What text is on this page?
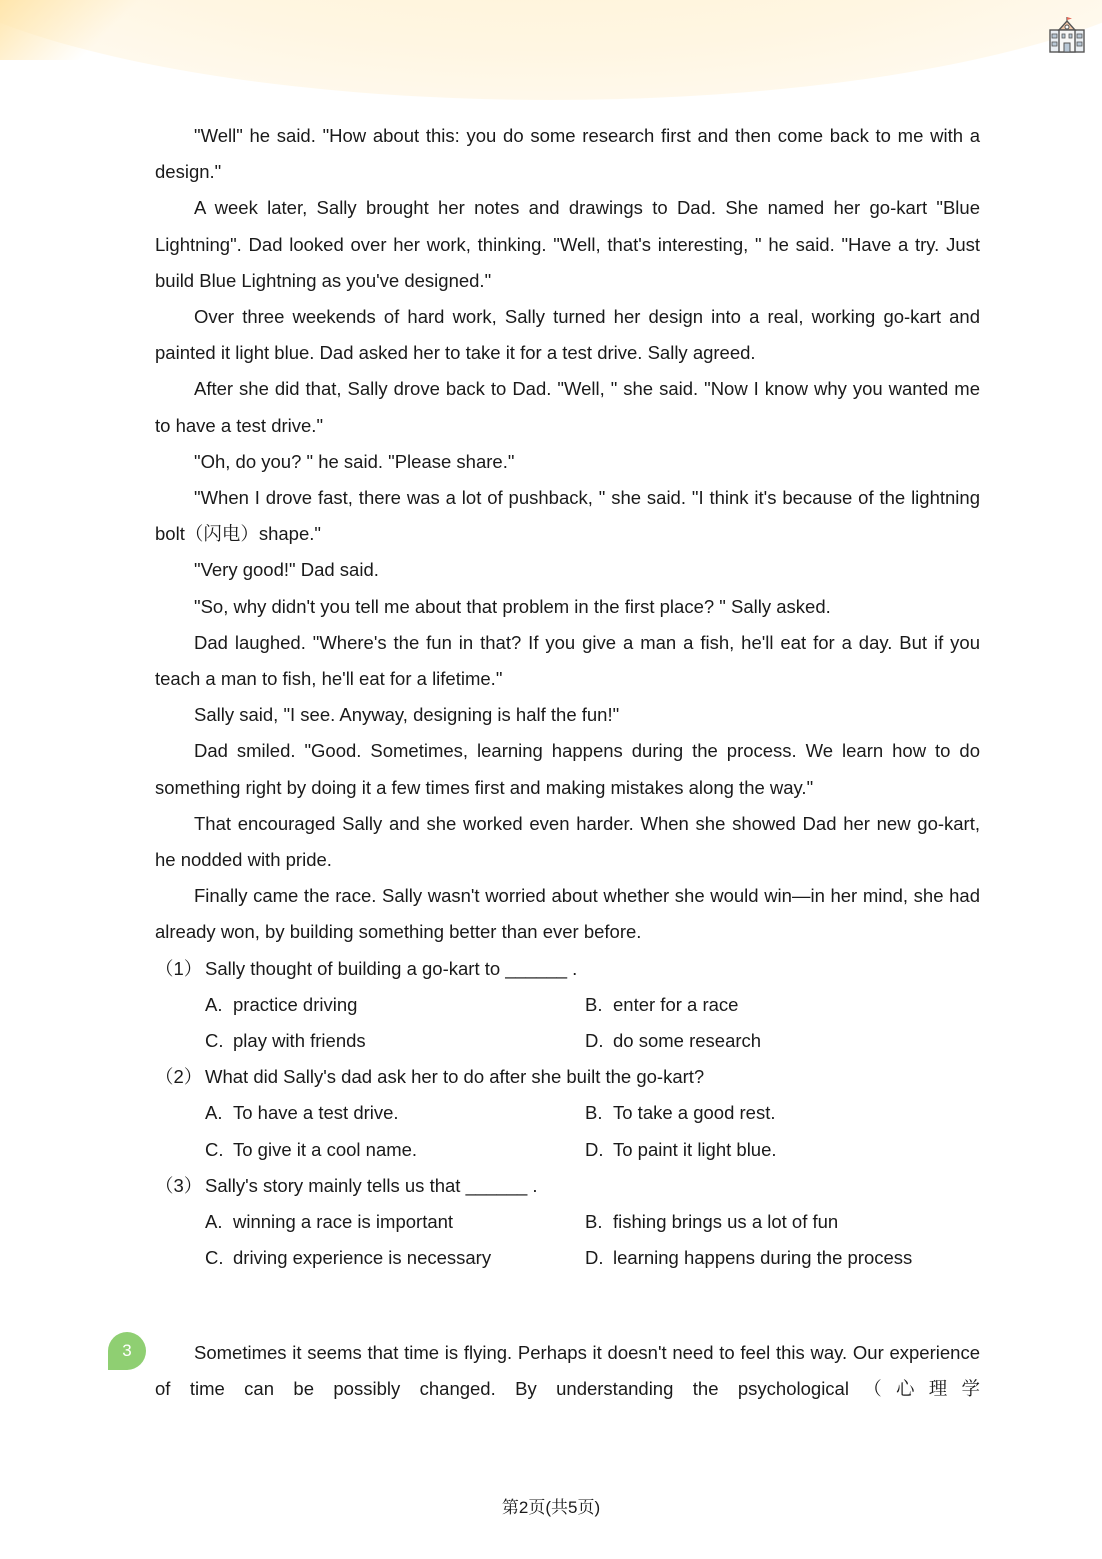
"Well" he said. "How about this: you do some research first and then come back to me with a design."

A week later, Sally brought her notes and drawings to Dad. She named her go-kart "Blue Lightning". Dad looked over her work, thinking. "Well, that's interesting, " he said. "Have a try. Just build Blue Lightning as you've designed."

Over three weekends of hard work, Sally turned her design into a real, working go-kart and painted it light blue. Dad asked her to take it for a test drive. Sally agreed.

After she did that, Sally drove back to Dad. "Well, " she said. "Now I know why you wanted me to have a test drive."

"Oh, do you? " he said. "Please share."

"When I drove fast, there was a lot of pushback, " she said. "I think it's because of the lightning bolt（闪电）shape."

"Very good!" Dad said.

"So, why didn't you tell me about that problem in the first place? " Sally asked.

Dad laughed. "Where's the fun in that? If you give a man a fish, he'll eat for a day. But if you teach a man to fish, he'll eat for a lifetime."

Sally said, "I see. Anyway, designing is half the fun!"

Dad smiled. "Good. Sometimes, learning happens during the process. We learn how to do something right by doing it a few times first and making mistakes along the way."

That encouraged Sally and she worked even harder. When she showed Dad her new go-kart, he nodded with pride.

Finally came the race. Sally wasn't worried about whether she would win—in her mind, she had already won, by building something better than ever before.

（1） Sally thought of building a go-kart to ______ .
A. practice driving	B. enter for a race
C. play with friends	D. do some research
（2） What did Sally's dad ask her to do after she built the go-kart?
A. To have a test drive.	B. To take a good rest.
C. To give it a cool name.	D. To paint it light blue.
（3） Sally's story mainly tells us that ______ .
A. winning a race is important	B. fishing brings us a lot of fun
C. driving experience is necessary	D. learning happens during the process

Sometimes it seems that time is flying. Perhaps it doesn't need to feel this way. Our experience of time can be possibly changed. By understanding the psychological（心理学

3
第2页(共5页)
